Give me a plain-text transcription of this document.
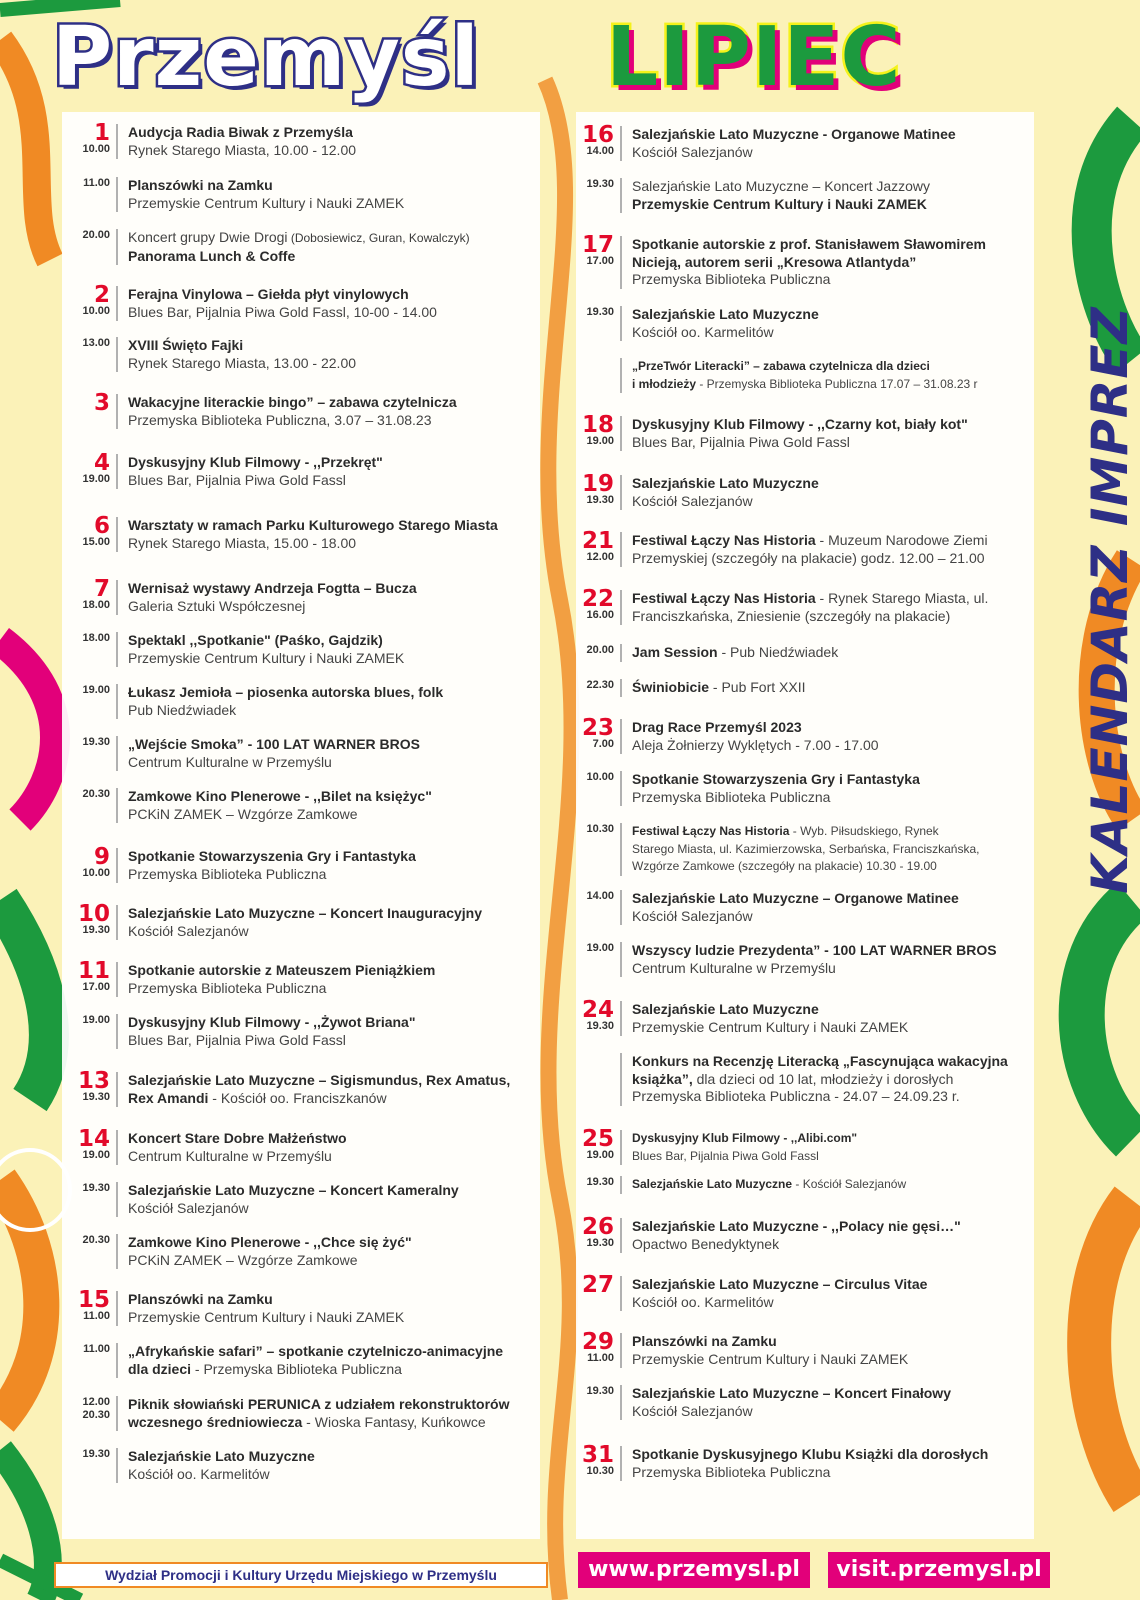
Przemyśl LIPIEC
KALENDARZ IMPREZ
1
10.00
Audycja Radia Biwak z Przemyśla
Rynek Starego Miasta, 10.00 - 12.00
11.00 Planszówki na Zamku
Przemyskie Centrum Kultury i Nauki ZAMEK
20.00 Koncert grupy Dwie Drogi (Dobosiewicz, Guran, Kowalczyk)
Panorama Lunch & Coffe
2
10.00
Ferajna Vinylowa – Giełda płyt vinylowych
Blues Bar, Pijalnia Piwa Gold Fassl, 10-00 - 14.00
13.00 XVIII Święto Fajki
Rynek Starego Miasta, 13.00 - 22.00
3 Wakacyjne literackie bingo” – zabawa czytelnicza
Przemyska Biblioteka Publiczna, 3.07 – 31.08.23
4
19.00
Dyskusyjny Klub Filmowy - ,,Przekręt"
Blues Bar, Pijalnia Piwa Gold Fassl
6
15.00
Warsztaty w ramach Parku Kulturowego Starego Miasta
Rynek Starego Miasta, 15.00 - 18.00
7
18.00
Wernisaż wystawy Andrzeja Fogtta – Bucza
Galeria Sztuki Współczesnej
18.00 Spektakl ,,Spotkanie" (Paśko, Gajdzik)
Przemyskie Centrum Kultury i Nauki ZAMEK
19.00 Łukasz Jemioła – piosenka autorska blues, folk
Pub Niedźwiadek
19.30 „Wejście Smoka” - 100 LAT WARNER BROS
Centrum Kulturalne w Przemyślu
20.30 Zamkowe Kino Plenerowe - ,,Bilet na księżyc"
PCKiN ZAMEK – Wzgórze Zamkowe
9
10.00
Spotkanie Stowarzyszenia Gry i Fantastyka
Przemyska Biblioteka Publiczna
10
19.30
Salezjańskie Lato Muzyczne – Koncert Inauguracyjny
Kościół Salezjanów
11
17.00
Spotkanie autorskie z Mateuszem Pieniążkiem
Przemyska Biblioteka Publiczna
19.00 Dyskusyjny Klub Filmowy - ,,Żywot Briana"
Blues Bar, Pijalnia Piwa Gold Fassl
13
19.30
Salezjańskie Lato Muzyczne – Sigismundus, Rex Amatus,
Rex Amandi - Kościół oo. Franciszkanów
14
19.00
Koncert Stare Dobre Małżeństwo
Centrum Kulturalne w Przemyślu
19.30 Salezjańskie Lato Muzyczne – Koncert Kameralny
Kościół Salezjanów
20.30 Zamkowe Kino Plenerowe - ,,Chce się żyć"
PCKiN ZAMEK – Wzgórze Zamkowe
15
11.00
Planszówki na Zamku
Przemyskie Centrum Kultury i Nauki ZAMEK
11.00 „Afrykańskie safari” – spotkanie czytelniczo-animacyjne
dla dzieci - Przemyska Biblioteka Publiczna
12.00
20.30
Piknik słowiański PERUNICA z udziałem rekonstruktorów
wczesnego średniowiecza - Wioska Fantasy, Kuńkowce
19.30 Salezjańskie Lato Muzyczne
Kościół oo. Karmelitów
16
14.00
Salezjańskie Lato Muzyczne - Organowe Matinee
Kościół Salezjanów
19.30 Salezjańskie Lato Muzyczne – Koncert Jazzowy
Przemyskie Centrum Kultury i Nauki ZAMEK
17
17.00
Spotkanie autorskie z prof. Stanisławem Sławomirem
Nicieją, autorem serii „Kresowa Atlantyda”
Przemyska Biblioteka Publiczna
19.30 Salezjańskie Lato Muzyczne
Kościół oo. Karmelitów
„PrzeTwór Literacki” – zabawa czytelnicza dla dzieci
i młodzieży - Przemyska Biblioteka Publiczna 17.07 – 31.08.23 r
18
19.00
Dyskusyjny Klub Filmowy - ,,Czarny kot, biały kot"
Blues Bar, Pijalnia Piwa Gold Fassl
19
19.30
Salezjańskie Lato Muzyczne
Kościół Salezjanów
21
12.00
Festiwal Łączy Nas Historia - Muzeum Narodowe Ziemi
Przemyskiej (szczegóły na plakacie) godz. 12.00 – 21.00
22
16.00
Festiwal Łączy Nas Historia - Rynek Starego Miasta, ul.
Franciszkańska, Zniesienie (szczegóły na plakacie)
20.00 Jam Session - Pub Niedźwiadek
22.30 Świniobicie - Pub Fort XXII
23
7.00
Drag Race Przemyśl 2023
Aleja Żołnierzy Wyklętych - 7.00 - 17.00
10.00 Spotkanie Stowarzyszenia Gry i Fantastyka
Przemyska Biblioteka Publiczna
10.30 Festiwal Łączy Nas Historia - Wyb. Piłsudskiego, Rynek
Starego Miasta, ul. Kazimierzowska, Serbańska, Franciszkańska,
Wzgórze Zamkowe (szczegóły na plakacie) 10.30 - 19.00
14.00 Salezjańskie Lato Muzyczne – Organowe Matinee
Kościół Salezjanów
19.00 Wszyscy ludzie Prezydenta” - 100 LAT WARNER BROS
Centrum Kulturalne w Przemyślu
24
19.30
Salezjańskie Lato Muzyczne
Przemyskie Centrum Kultury i Nauki ZAMEK
Konkurs na Recenzję Literacką „Fascynująca wakacyjna
książka”, dla dzieci od 10 lat, młodzieży i dorosłych
Przemyska Biblioteka Publiczna - 24.07 – 24.09.23 r.
25
19.00
Dyskusyjny Klub Filmowy - ,,Alibi.com"
Blues Bar, Pijalnia Piwa Gold Fassl
19.30 Salezjańskie Lato Muzyczne - Kościół Salezjanów
26
19.30
Salezjańskie Lato Muzyczne - ,,Polacy nie gęsi…"
Opactwo Benedyktynek
27 Salezjańskie Lato Muzyczne – Circulus Vitae
Kościół oo. Karmelitów
29
11.00
Planszówki na Zamku
Przemyskie Centrum Kultury i Nauki ZAMEK
19.30 Salezjańskie Lato Muzyczne – Koncert Finałowy
Kościół Salezjanów
31
10.30
Spotkanie Dyskusyjnego Klubu Książki dla dorosłych
Przemyska Biblioteka Publiczna
Wydział Promocji i Kultury Urzędu Miejskiego w Przemyślu	www.przemysl.pl	visit.przemysl.pl
